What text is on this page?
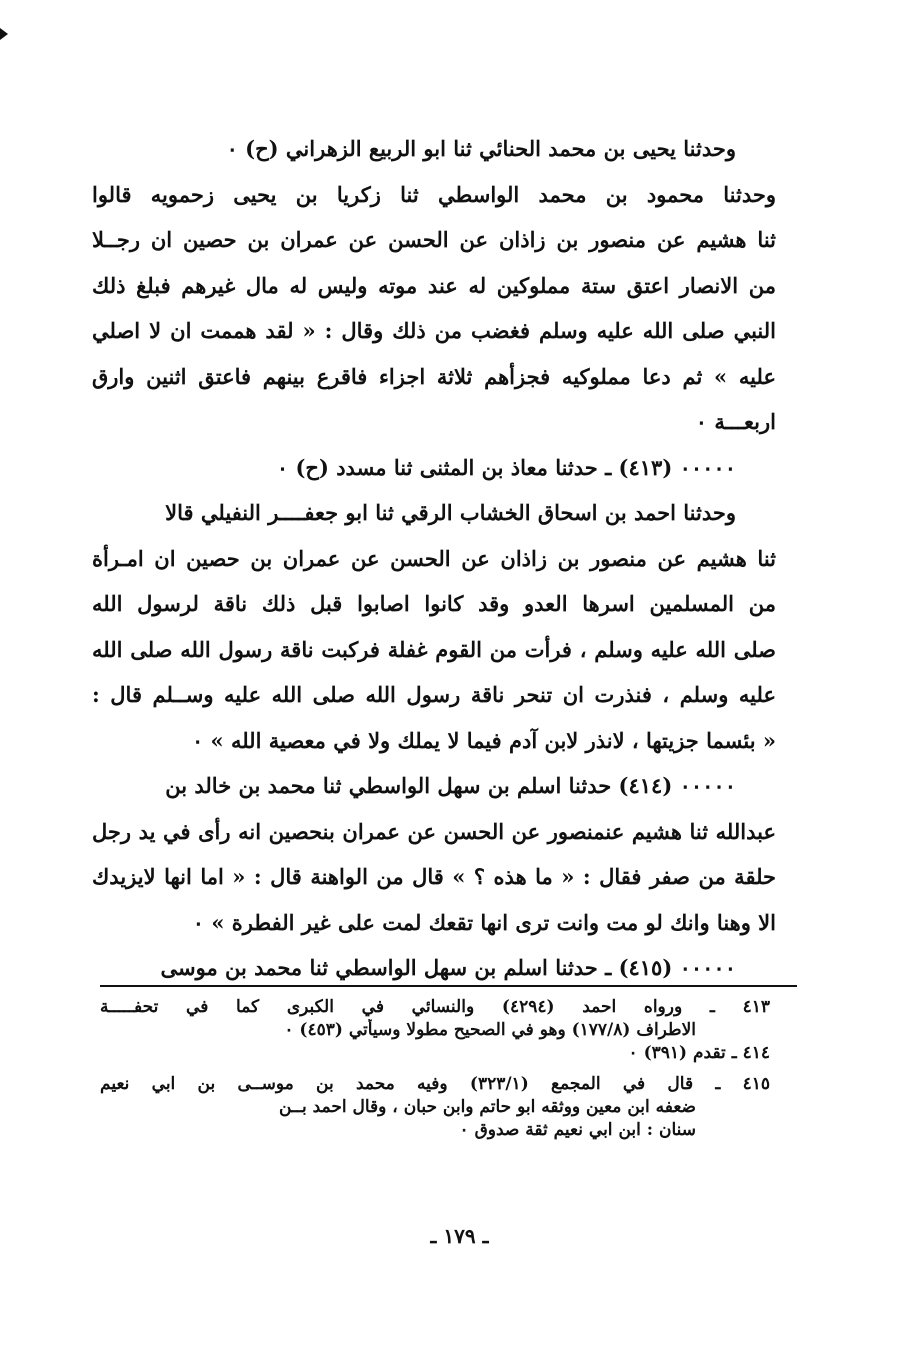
وحدثنا يحيى بن محمد الحنائي ثنا ابو الربيع الزهراني (ح) ٠
وحدثنا محمود بن محمد الواسطي ثنا زكريا بن يحيى زحمويه قالوا
ثنا هشيم عن منصور بن زاذان عن الحسن عن عمران بن حصين ان رجــلا
من الانصار اعتق ستة مملوكين له عند موته وليس له مال غيرهم فبلغ ذلك
النبي صلى الله عليه وسلم فغضب من ذلك وقال : « لقد هممت ان لا اصلي
عليه » ثم دعا مملوكيه فجزأهم ثلاثة اجزاء فاقرع بينهم فاعتق اثنين وارق
اربعـــة ٠
٠٠٠٠٠ (٤١٣) ـ حدثنا معاذ بن المثنى ثنا مسدد (ح) ٠
وحدثنا احمد بن اسحاق الخشاب الرقي ثنا ابو جعفــــر النفيلي قالا
ثنا هشيم عن منصور بن زاذان عن الحسن عن عمران بن حصين ان امـرأة
من المسلمين اسرها العدو وقد كانوا اصابوا قبل ذلك ناقة لرسول الله
صلى الله عليه وسلم ، فرأت من القوم غفلة فركبت ناقة رسول الله صلى الله
عليه وسلم ، فنذرت ان تنحر ناقة رسول الله صلى الله عليه وســلم قال :
« بئسما جزيتها ، لانذر لابن آدم فيما لا يملك ولا في معصية الله » ٠
٠٠٠٠٠ (٤١٤) حدثنا اسلم بن سهل الواسطي ثنا محمد بن خالد بن
عبدالله ثنا هشيم عنمنصور عن الحسن عن عمران بنحصين انه رأى في يد رجل
حلقة من صفر فقال : « ما هذه ؟ » قال من الواهنة قال : « اما انها لايزيدك
الا وهنا وانك لو مت وانت ترى انها تقعك لمت على غير الفطرة » ٠
٠٠٠٠٠ (٤١٥) ـ حدثنا اسلم بن سهل الواسطي ثنا محمد بن موسى
٤١٣ ـ ورواه احمد (٤٢٩٤) والنسائي في الكبرى كما في تحفـــــة
الاطراف (١٧٧/٨) وهو في الصحيح مطولا وسيأتي (٤٥٣) ٠
٤١٤ ـ تقدم (٣٩١) ٠
٤١٥ ـ قال في المجمع (٣٢٣/١) وفيه محمد بن موســى بن ابي نعيم
ضعفه ابن معين ووثقه ابو حاتم وابن حبان ، وقال احمد بــن
سنان : ابن ابي نعيم ثقة صدوق ٠
ـ ١٧٩ ـ
